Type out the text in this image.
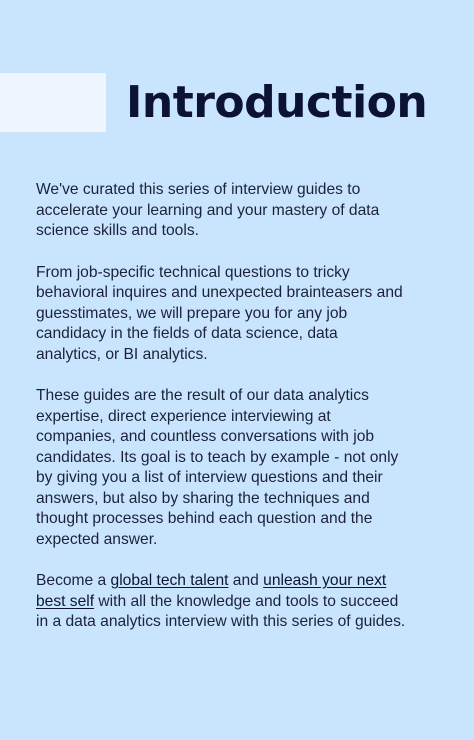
Introduction

We've curated this series of interview guides to
accelerate your learning and your mastery of data
science skills and tools.

From job-specific technical questions to tricky
behavioral inquires and unexpected brainteasers and
guesstimates, we will prepare you for any job
candidacy in the fields of data science, data
analytics, or BI analytics.

These guides are the result of our data analytics
expertise, direct experience interviewing at
companies, and countless conversations with job
candidates. Its goal is to teach by example - not only
by giving you a list of interview questions and their
answers, but also by sharing the techniques and
thought processes behind each question and the
expected answer.

Become a global tech talent and unleash your next
best self with all the knowledge and tools to succeed
in a data analytics interview with this series of guides.
